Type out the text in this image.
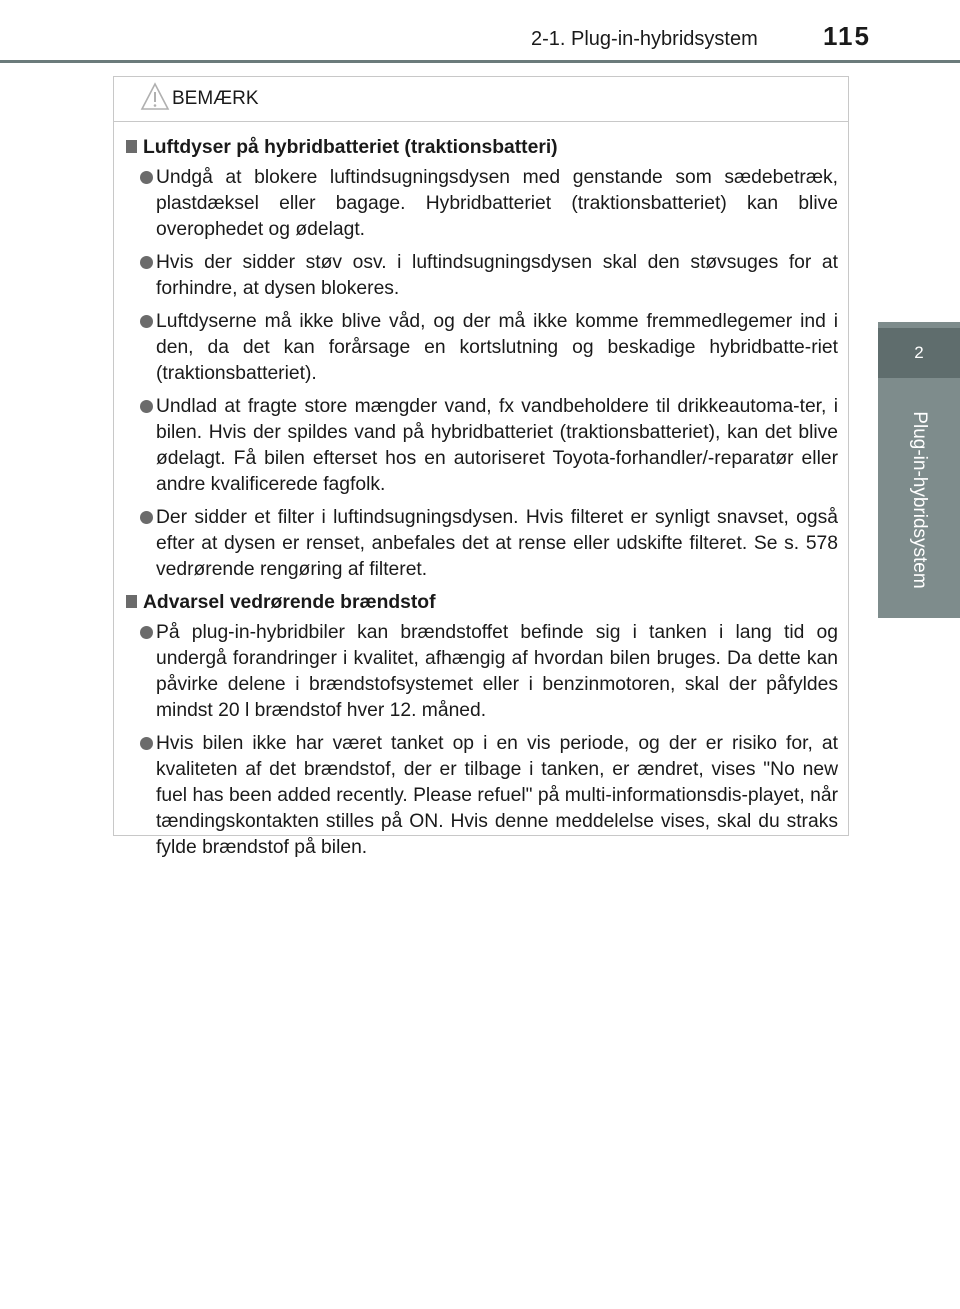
2-1. Plug-in-hybridsystem	115
2
Plug-in-hybridsystem
BEMÆRK
Luftdyser på hybridbatteriet (traktionsbatteri)
Undgå at blokere luftindsugningsdysen med genstande som sædebetræk, plastdæksel eller bagage. Hybridbatteriet (traktionsbatteriet) kan blive overophedet og ødelagt.
Hvis der sidder støv osv. i luftindsugningsdysen skal den støvsuges for at forhindre, at dysen blokeres.
Luftdyserne må ikke blive våd, og der må ikke komme fremmedlegemer ind i den, da det kan forårsage en kortslutning og beskadige hybridbatte-riet (traktionsbatteriet).
Undlad at fragte store mængder vand, fx vandbeholdere til drikkeautoma-ter, i bilen. Hvis der spildes vand på hybridbatteriet (traktionsbatteriet), kan det blive ødelagt. Få bilen efterset hos en autoriseret Toyota-forhandler/-reparatør eller andre kvalificerede fagfolk.
Der sidder et filter i luftindsugningsdysen. Hvis filteret er synligt snavset, også efter at dysen er renset, anbefales det at rense eller udskifte filteret. Se s. 578 vedrørende rengøring af filteret.
Advarsel vedrørende brændstof
På plug-in-hybridbiler kan brændstoffet befinde sig i tanken i lang tid og undergå forandringer i kvalitet, afhængig af hvordan bilen bruges. Da dette kan påvirke delene i brændstofsystemet eller i benzinmotoren, skal der påfyldes mindst 20 l brændstof hver 12. måned.
Hvis bilen ikke har været tanket op i en vis periode, og der er risiko for, at kvaliteten af det brændstof, der er tilbage i tanken, er ændret, vises "No new fuel has been added recently. Please refuel" på multi-informationsdis-playet, når tændingskontakten stilles på ON. Hvis denne meddelelse vises, skal du straks fylde brændstof på bilen.
